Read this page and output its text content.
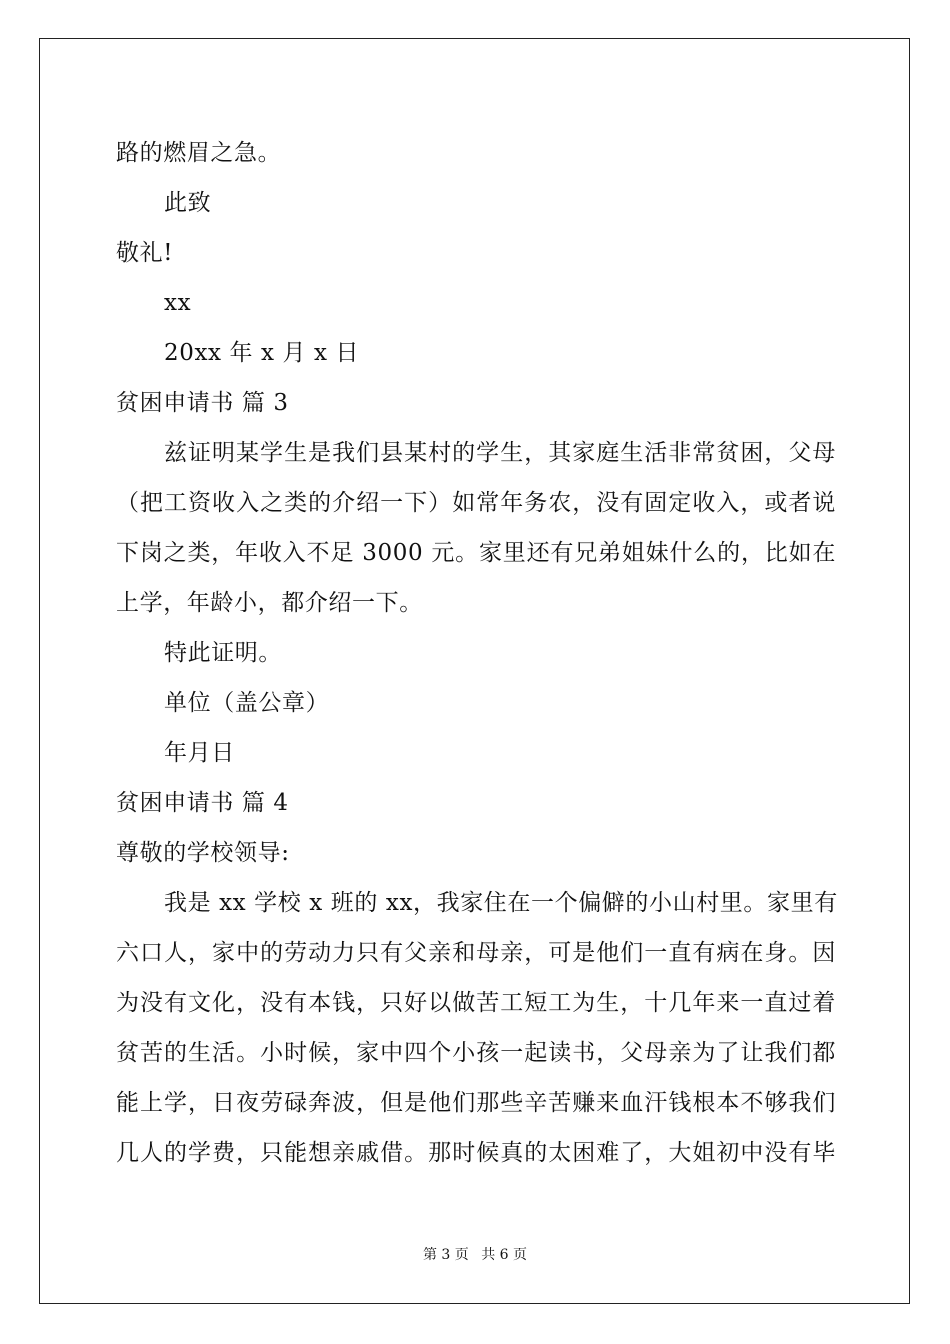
路的燃眉之急。
此致
敬礼!
xx
20xx 年 x 月 x 日
贫困申请书 篇 3
兹证明某学生是我们县某村的学生，其家庭生活非常贫困，父母
（把工资收入之类的介绍一下）如常年务农，没有固定收入，或者说
下岗之类，年收入不足 3000 元。家里还有兄弟姐妹什么的，比如在
上学，年龄小，都介绍一下。
特此证明。
单位（盖公章）
年月日
贫困申请书 篇 4
尊敬的学校领导:
我是 xx 学校 x 班的 xx，我家住在一个偏僻的小山村里。家里有
六口人，家中的劳动力只有父亲和母亲，可是他们一直有病在身。因
为没有文化，没有本钱，只好以做苦工短工为生，十几年来一直过着
贫苦的生活。小时候，家中四个小孩一起读书，父母亲为了让我们都
能上学，日夜劳碌奔波，但是他们那些辛苦赚来血汗钱根本不够我们
几人的学费，只能想亲戚借。那时候真的太困难了，大姐初中没有毕
第 3 页 共 6 页
